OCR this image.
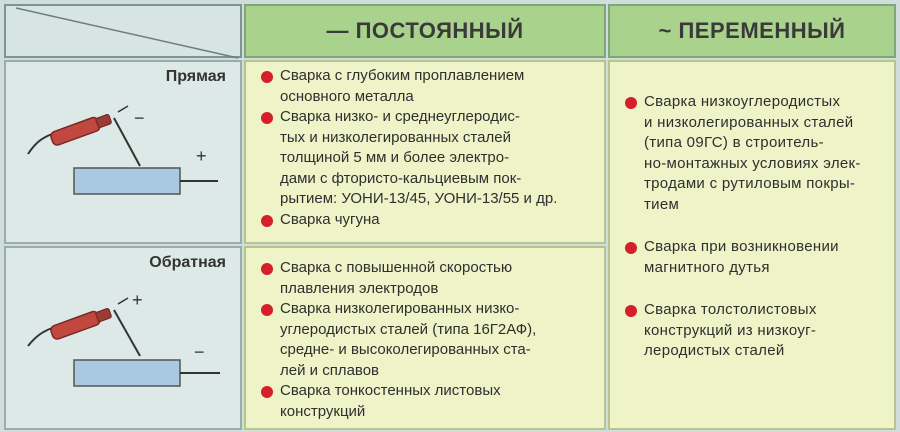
— ПОСТОЯННЫЙ	~ ПЕРЕМЕННЫЙ
Прямая
−
+
Обратная
+
−
Сварка с глубоким проплавлением
основного металла
Сварка низко- и среднеуглеродис-
тых и низколегированных сталей
толщиной 5 мм и более электро-
дами с фтористо-кальциевым пок-
рытием: УОНИ-13/45, УОНИ-13/55 и др.
Сварка чугуна
Сварка с повышенной скоростью
плавления электродов
Сварка низколегированных низко-
углеродистых сталей (типа 16Г2АФ),
средне- и высоколегированных ста-
лей и сплавов
Сварка тонкостенных листовых
конструкций
Сварка низкоуглеродистых
и низколегированных сталей
(типа 09ГС) в строитель-
но-монтажных условиях элек-
тродами с рутиловым покры-
тием
Сварка при возникновении
магнитного дутья
Сварка толстолистовых
конструкций из низкоуг-
леродистых сталей
